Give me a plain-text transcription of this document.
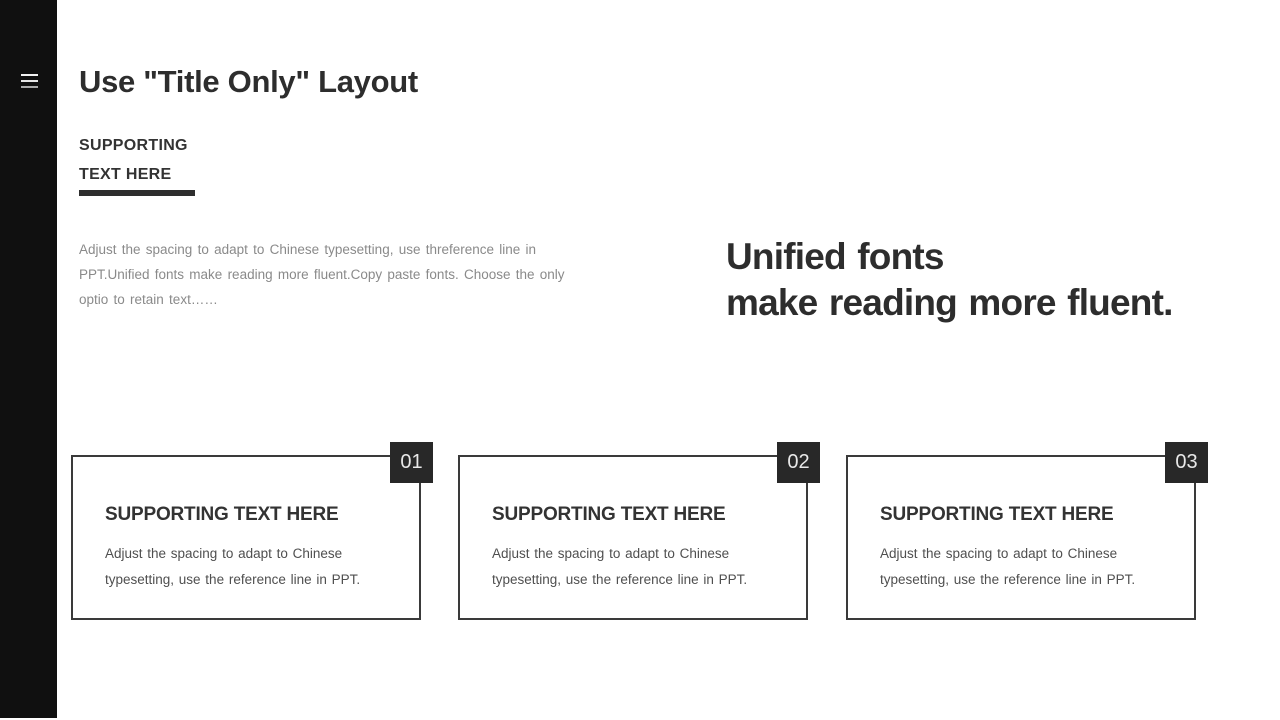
Use "Title Only" Layout
SUPPORTING
TEXT HERE

Adjust the spacing to adapt to Chinese typesetting, use threference line in PPT.Unified fonts make reading more fluent.Copy paste fonts. Choose the only optio to retain text……

Unified fonts
make reading more fluent.
01
SUPPORTING TEXT HERE

Adjust the spacing to adapt to Chinese typesetting, use the reference line in PPT.

02
SUPPORTING TEXT HERE

Adjust the spacing to adapt to Chinese typesetting, use the reference line in PPT.

03
SUPPORTING TEXT HERE

Adjust the spacing to adapt to Chinese typesetting, use the reference line in PPT.
